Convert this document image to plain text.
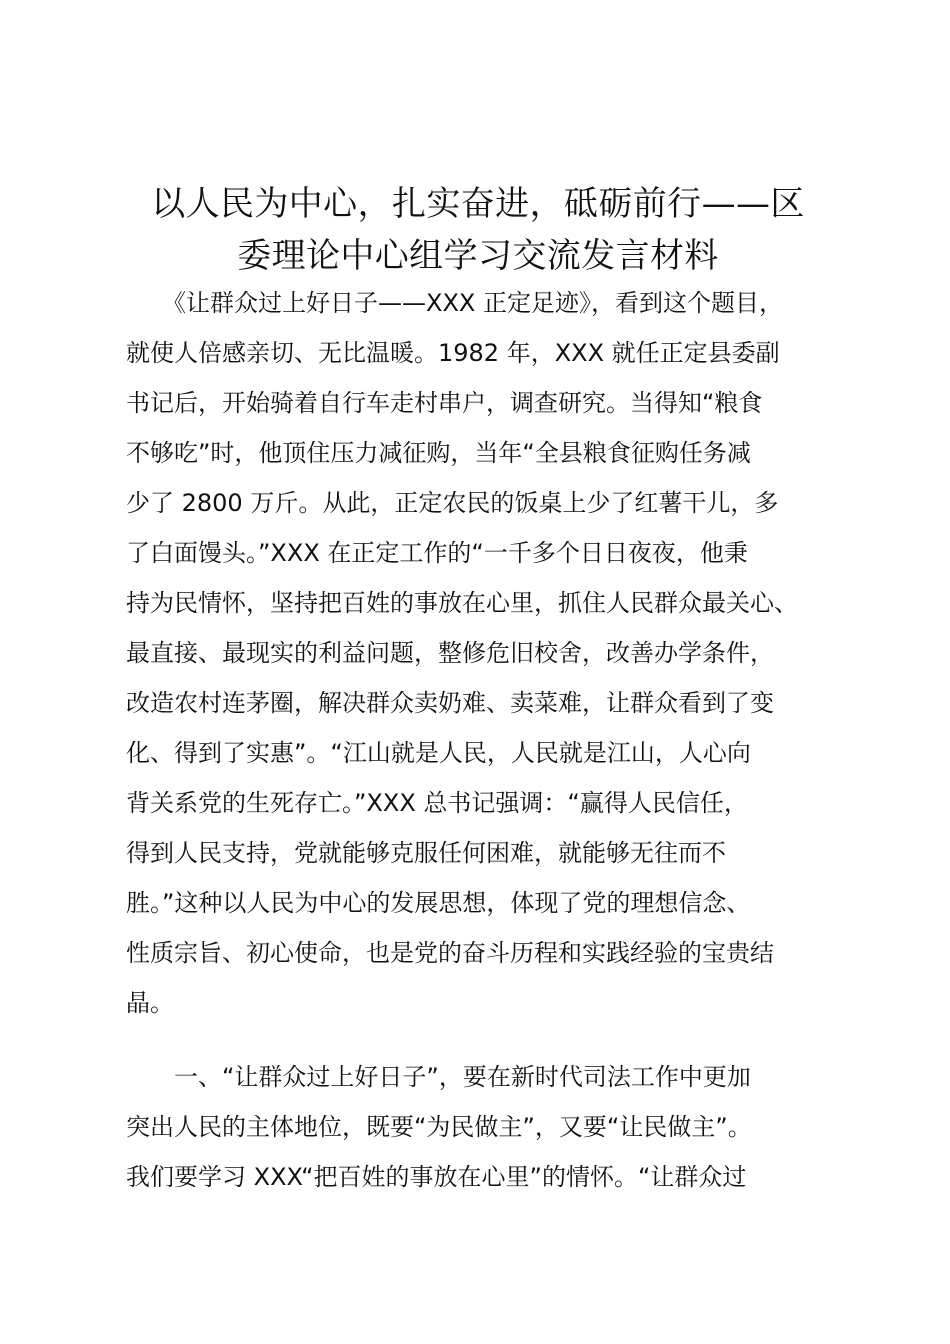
以人民为中心，扎实奋进，砥砺前行——区
委理论中心组学习交流发言材料
　　《让群众过上好日子——XXX 正定足迹》，看到这个题目，
就使人倍感亲切、无比温暖。1982 年，XXX 就任正定县委副
书记后，开始骑着自行车走村串户，调查研究。当得知“粮食
不够吃”时，他顶住压力减征购，当年“全县粮食征购任务减
少了 2800 万斤。从此，正定农民的饭桌上少了红薯干儿，多
了白面馒头。”XXX 在正定工作的“一千多个日日夜夜，他秉
持为民情怀，坚持把百姓的事放在心里，抓住人民群众最关心、
最直接、最现实的利益问题，整修危旧校舍，改善办学条件，
改造农村连茅圈，解决群众卖奶难、卖菜难，让群众看到了变
化、得到了实惠”。“江山就是人民，人民就是江山，人心向
背关系党的生死存亡。”XXX 总书记强调：“赢得人民信任，
得到人民支持，党就能够克服任何困难，就能够无往而不
胜。”这种以人民为中心的发展思想，体现了党的理想信念、
性质宗旨、初心使命，也是党的奋斗历程和实践经验的宝贵结
晶。
　　一、“让群众过上好日子”，要在新时代司法工作中更加
突出人民的主体地位，既要“为民做主”，又要“让民做主”。
我们要学习 XXX“把百姓的事放在心里”的情怀。“让群众过
